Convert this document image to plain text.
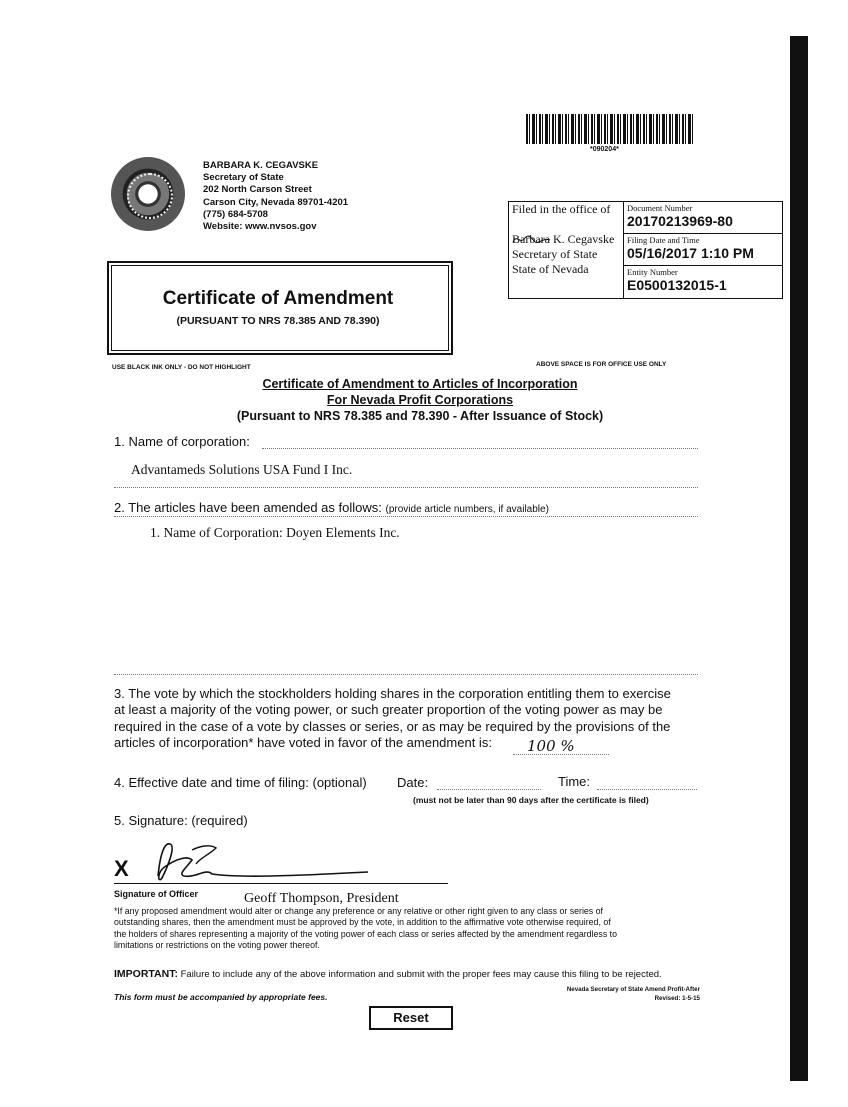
*090204*
BARBARA K. CEGAVSKE
Secretary of State
202 North Carson Street
Carson City, Nevada 89701-4201
(775) 684-5708
Website: www.nvsos.gov
Filed in the office of
Barbara K. Cegavske
Secretary of State
State of Nevada
Document Number
20170213969-80
Filing Date and Time
05/16/2017 1:10 PM
Entity Number
E0500132015-1
Certificate of Amendment
(PURSUANT TO NRS 78.385 AND 78.390)
USE BLACK INK ONLY - DO NOT HIGHLIGHT	ABOVE SPACE IS FOR OFFICE USE ONLY
Certificate of Amendment to Articles of Incorporation
For Nevada Profit Corporations
(Pursuant to NRS 78.385 and 78.390 - After Issuance of Stock)
1. Name of corporation:
Advantameds Solutions USA Fund I Inc.
2. The articles have been amended as follows: (provide article numbers, if available)
1. Name of Corporation: Doyen Elements Inc.
3. The vote by which the stockholders holding shares in the corporation entitling them to exercise
at least a majority of the voting power, or such greater proportion of the voting power as may be
required in the case of a vote by classes or series, or as may be required by the provisions of the
articles of incorporation* have voted in favor of the amendment is:	100 %
4. Effective date and time of filing: (optional) Date:	Time:
(must not be later than 90 days after the certificate is filed)
5. Signature: (required)
X
Signature of Officer	Geoff Thompson, President
*If any proposed amendment would alter or change any preference or any relative or other right given to any class or series of
outstanding shares, then the amendment must be approved by the vote, in addition to the affirmative vote otherwise required, of
the holders of shares representing a majority of the voting power of each class or series affected by the amendment regardless to
limitations or restrictions on the voting power thereof.
IMPORTANT: Failure to include any of the above information and submit with the proper fees may cause this filing to be rejected.
This form must be accompanied by appropriate fees.
Nevada Secretary of State Amend Profit-After
Revised: 1-5-15
Reset
